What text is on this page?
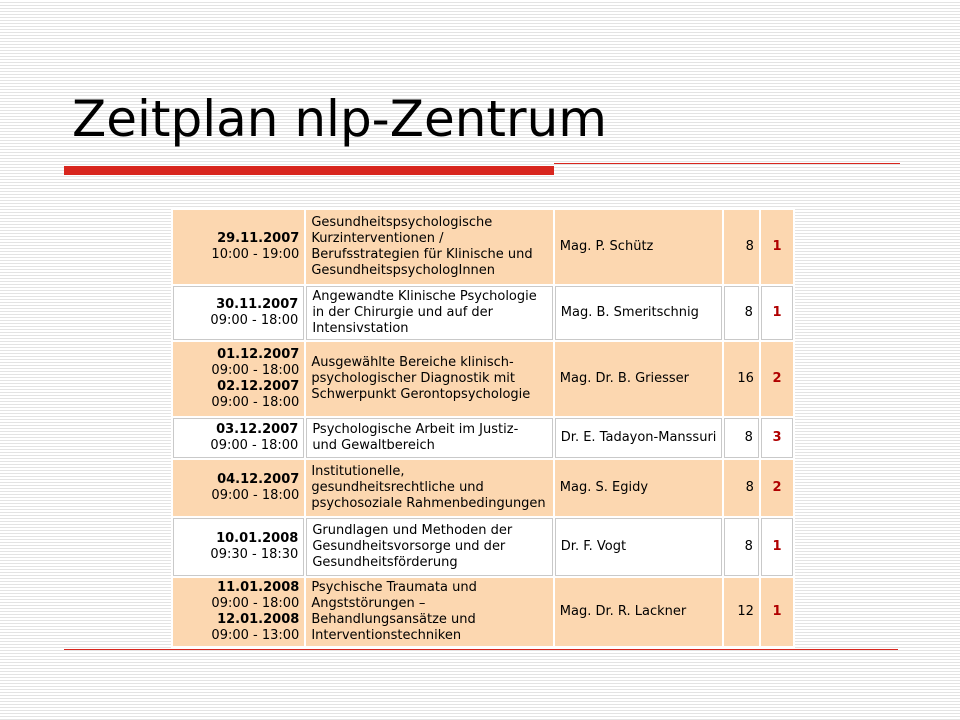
Zeitplan nlp-Zentrum
29.11.2007
10:00 - 19:00	Gesundheitspsychologische Kurzinterventionen / Berufsstrategien für Klinische und GesundheitspsychologInnen	Mag. P. Schütz	8	1

30.11.2007
09:00 - 18:00	Angewandte Klinische Psychologie in der Chirurgie und auf der Intensivstation	Mag. B. Smeritschnig	8	1

01.12.2007
09:00 - 18:00
02.12.2007
09:00 - 18:00	Ausgewählte Bereiche klinisch-psychologischer Diagnostik mit Schwerpunkt Gerontopsychologie	Mag. Dr. B. Griesser	16	2

03.12.2007
09:00 - 18:00	Psychologische Arbeit im Justiz- und Gewaltbereich	Dr. E. Tadayon-Manssuri	8	3

04.12.2007
09:00 - 18:00	Institutionelle, gesundheitsrechtliche und psychosoziale Rahmenbedingungen	Mag. S. Egidy	8	2

10.01.2008
09:30 - 18:30	Grundlagen und Methoden der Gesundheitsvorsorge und der Gesundheitsförderung	Dr. F. Vogt	8	1

11.01.2008
09:00 - 18:00
12.01.2008
09:00 - 13:00	Psychische Traumata und Angststörungen – Behandlungsansätze und Interventionstechniken	Mag. Dr. R. Lackner	12	1
